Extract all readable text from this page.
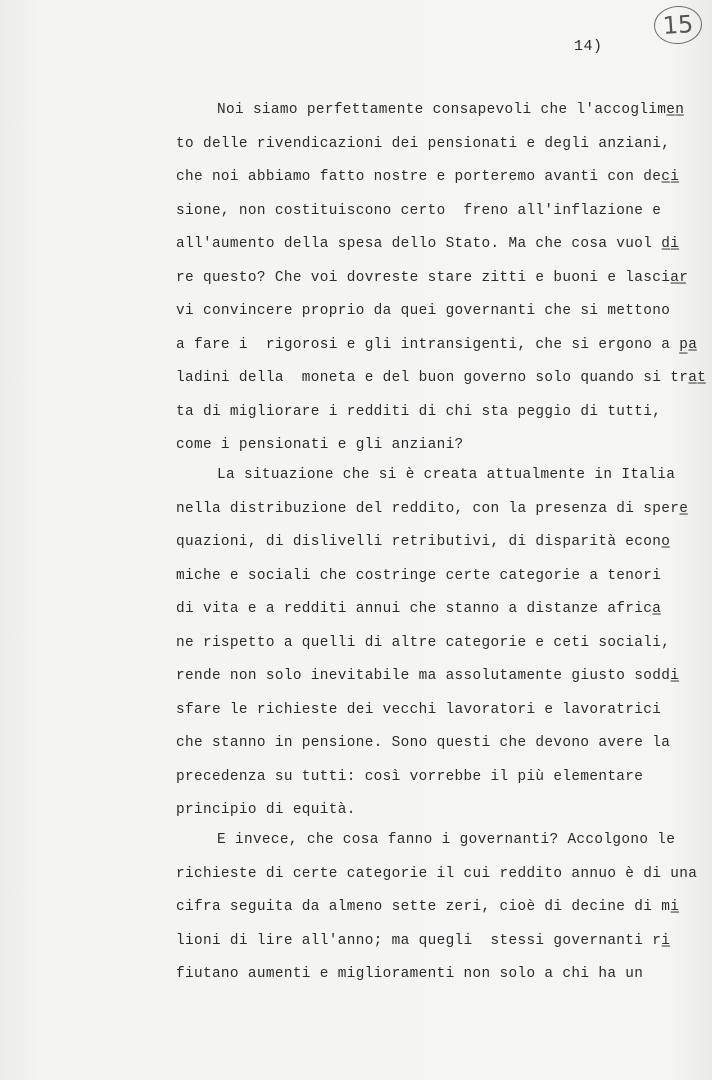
15
14)
Noi siamo perfettamente consapevoli che l'accoglime̲n̲
to delle rivendicazioni dei pensionati e degli anziani,
che noi abbiamo fatto nostre e porteremo avanti con dec̲i̲
sione, non costituiscono certo  freno all'inflazione e
all'aumento della spesa dello Stato. Ma che cosa vuol d̲i̲
re questo? Che voi dovreste stare zitti e buoni e lascia̲r̲
vi convincere proprio da quei governanti che si mettono
a fare i  rigorosi e gli intransigenti, che si ergono a p̲a̲
ladini della  moneta e del buon governo solo quando si tra̲t̲
ta di migliorare i redditi di chi sta peggio di tutti,
come i pensionati e gli anziani?
La situazione che si è creata attualmente in Italia
nella distribuzione del reddito, con la presenza di spere̲
quazioni, di dislivelli retributivi, di disparità econo̲
miche e sociali che costringe certe categorie a tenori
di vita e a redditi annui che stanno a distanze africa̲
ne rispetto a quelli di altre categorie e ceti sociali,
rende non solo inevitabile ma assolutamente giusto soddi̲
sfare le richieste dei vecchi lavoratori e lavoratrici
che stanno in pensione. Sono questi che devono avere la
precedenza su tutti: così vorrebbe il più elementare
principio di equità.
E invece, che cosa fanno i governanti? Accolgono le
richieste di certe categorie il cui reddito annuo è di una
cifra seguita da almeno sette zeri, cioè di decine di mi̲
lioni di lire all'anno; ma quegli  stessi governanti ri̲
fiutano aumenti e miglioramenti non solo a chi ha un
